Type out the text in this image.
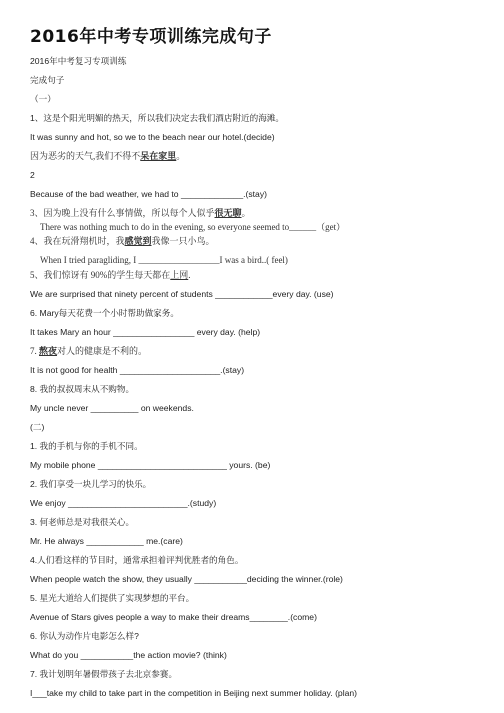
2016年中考专项训练完成句子
2016年中考复习专项训练
完成句子
（一）
1、这是个阳光明媚的热天，所以我们决定去我们酒店附近的海滩。
It was sunny and hot, so we to the beach near our hotel.(decide)
因为恶劣的天气,我们不得不呆在家里。
2
Because of the bad weather, we had to _____________.(stay)
3、因为晚上没有什么事情做，所以每个人似乎很无聊。
There was nothing much to do in the evening, so everyone seemed to______（get）
4、我在玩滑翔机时，我感觉到我像一只小鸟。
When I tried paragliding, I __________________I was a bird..( feel)
5、我们惊讶有 90%的学生每天都在上网.
We are surprised that ninety percent of students ____________every day. (use)
6. Mary每天花费一个小时帮助做家务。
It takes Mary an hour _________________ every day. (help)
7. 熬夜对人的健康是不利的。
It is not good for health _____________________.(stay)
8. 我的叔叔周末从不购物。
My uncle never __________ on weekends.
(二)
1. 我的手机与你的手机不同。
My mobile phone ___________________________ yours. (be)
2. 我们享受一块儿学习的快乐。
We enjoy _________________________.(study)
3. 何老师总是对我很关心。
Mr. He always ____________ me.(care)
4.人们看这样的节目时，通常承担着评判优胜者的角色。
When people watch the show, they usually ___________deciding the winner.(role)
5. 星光大道给人们提供了实现梦想的平台。
Avenue of Stars gives people a way to make their dreams________.(come)
6. 你认为动作片电影怎么样?
What do you ___________the action movie? (think)
7. 我计划明年暑假带孩子去北京参赛。
I___take my child to take part in the competition in Beijing next summer holiday. (plan)
